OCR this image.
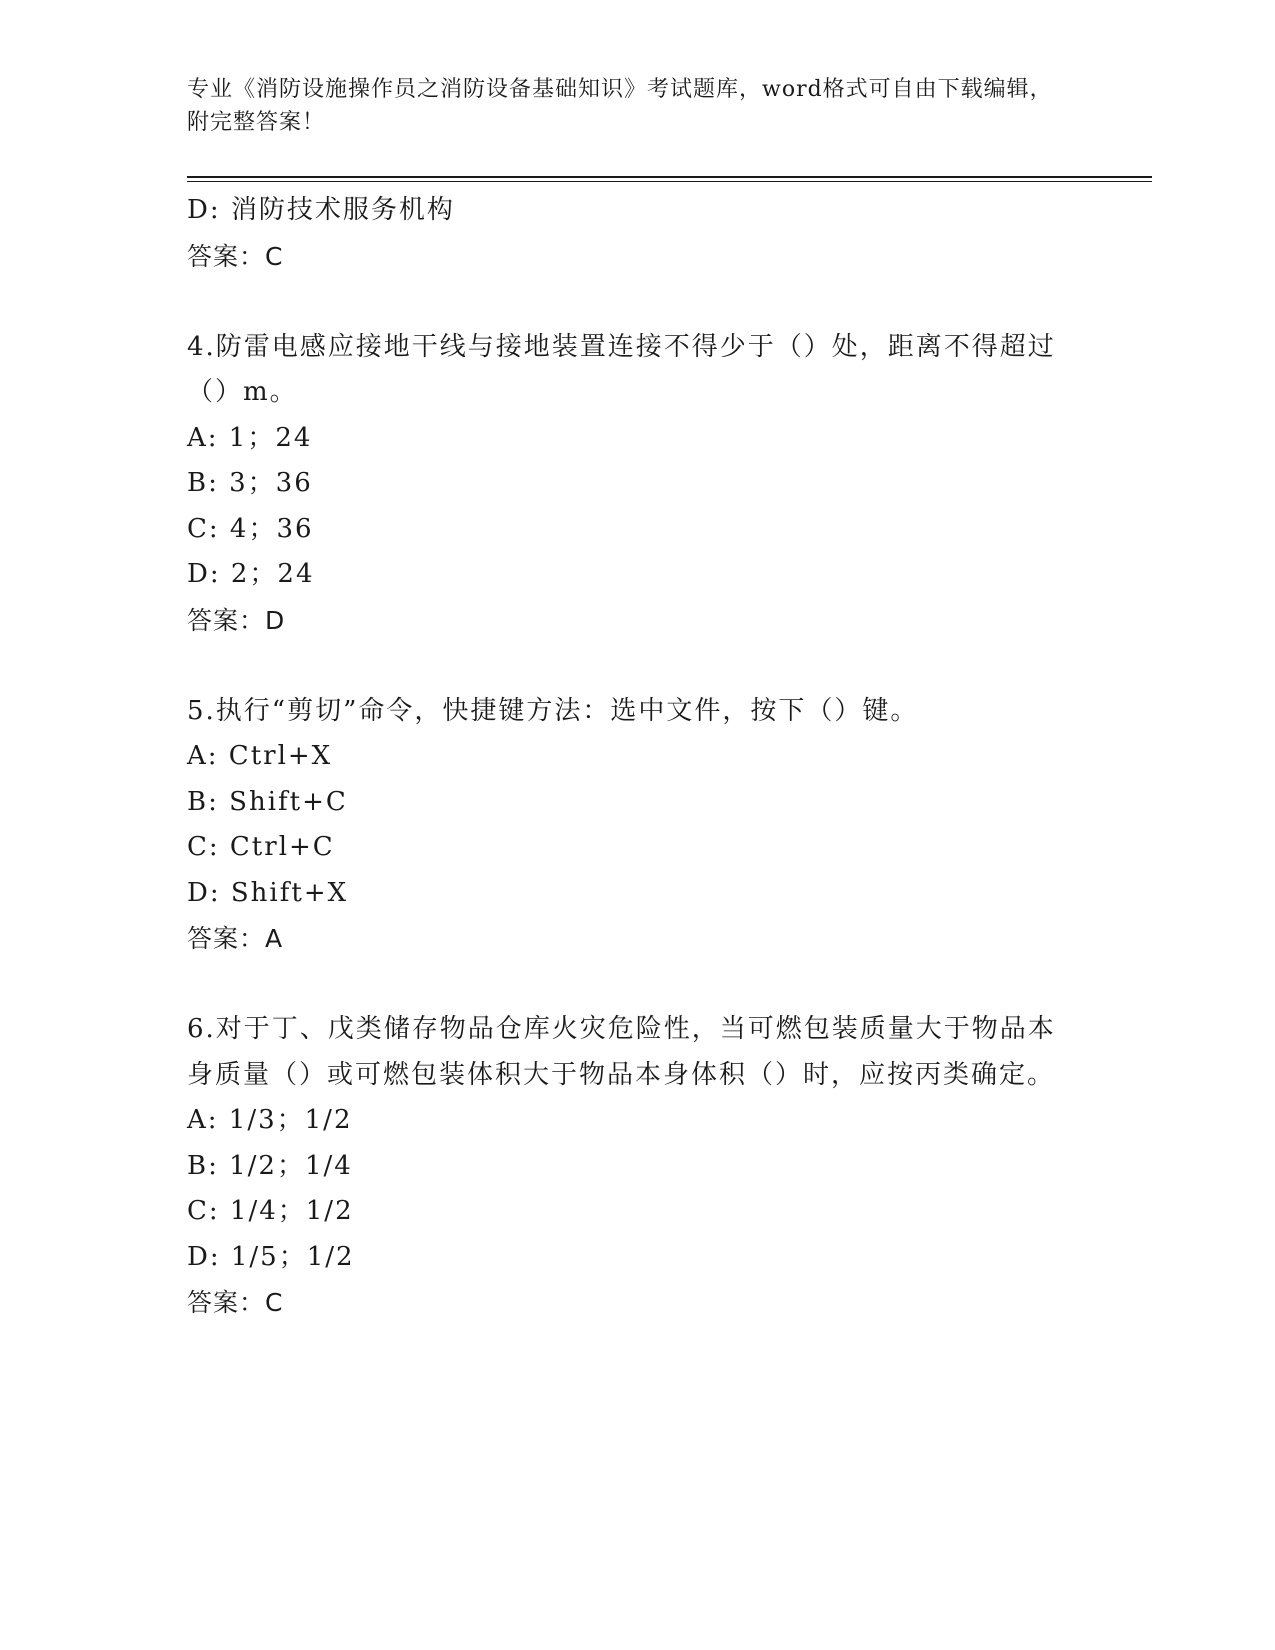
专业《消防设施操作员之消防设备基础知识》考试题库，word格式可自由下载编辑，附完整答案！
D: 消防技术服务机构
答案：C
4.防雷电感应接地干线与接地装置连接不得少于（）处，距离不得超过（）m。
A: 1；24
B: 3；36
C: 4；36
D: 2；24
答案：D
5.执行“剪切”命令，快捷键方法：选中文件，按下（）键。
A: Ctrl+X
B: Shift+C
C: Ctrl+C
D: Shift+X
答案：A
6.对于丁、戊类储存物品仓库火灾危险性，当可燃包装质量大于物品本身质量（）或可燃包装体积大于物品本身体积（）时，应按丙类确定。
A: 1/3；1/2
B: 1/2；1/4
C: 1/4；1/2
D: 1/5；1/2
答案：C
